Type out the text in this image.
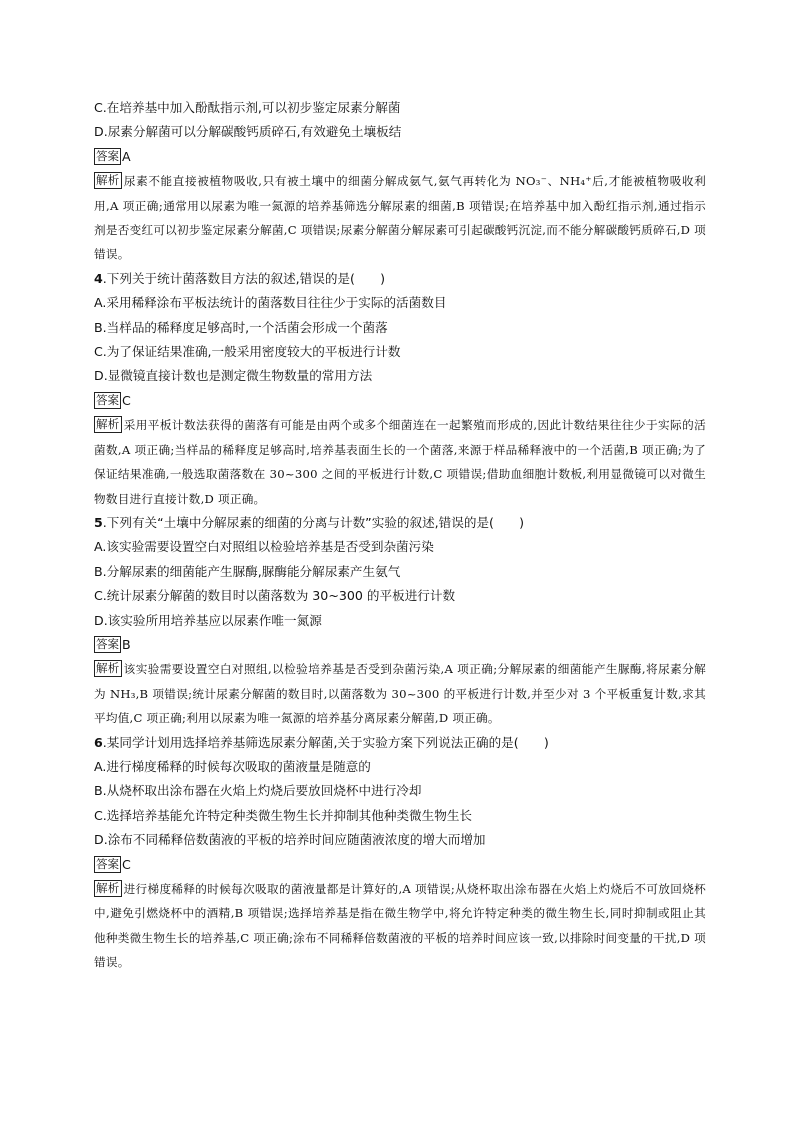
C.在培养基中加入酚酞指示剂,可以初步鉴定尿素分解菌

D.尿素分解菌可以分解碳酸钙质碎石,有效避免土壤板结

答案 A

解析 尿素不能直接被植物吸收,只有被土壤中的细菌分解成氨气,氨气再转化为 NO₃⁻、NH₄⁺后,才能被植物吸收利用,A 项正确;通常用以尿素为唯一氮源的培养基筛选分解尿素的细菌,B 项错误;在培养基中加入酚红指示剂,通过指示剂是否变红可以初步鉴定尿素分解菌,C 项错误;尿素分解菌分解尿素可引起碳酸钙沉淀,而不能分解碳酸钙质碎石,D 项错误。

4.下列关于统计菌落数目方法的叙述,错误的是(　　)

A.采用稀释涂布平板法统计的菌落数目往往少于实际的活菌数目

B.当样品的稀释度足够高时,一个活菌会形成一个菌落

C.为了保证结果准确,一般采用密度较大的平板进行计数

D.显微镜直接计数也是测定微生物数量的常用方法

答案 C

解析 采用平板计数法获得的菌落有可能是由两个或多个细菌连在一起繁殖而形成的,因此计数结果往往少于实际的活菌数,A 项正确;当样品的稀释度足够高时,培养基表面生长的一个菌落,来源于样品稀释液中的一个活菌,B 项正确;为了保证结果准确,一般选取菌落数在 30~300 之间的平板进行计数,C 项错误;借助血细胞计数板,利用显微镜可以对微生物数目进行直接计数,D 项正确。

5.下列有关“土壤中分解尿素的细菌的分离与计数”实验的叙述,错误的是(　　)

A.该实验需要设置空白对照组以检验培养基是否受到杂菌污染

B.分解尿素的细菌能产生脲酶,脲酶能分解尿素产生氨气

C.统计尿素分解菌的数目时以菌落数为 30~300 的平板进行计数

D.该实验所用培养基应以尿素作唯一氮源

答案 B

解析 该实验需要设置空白对照组,以检验培养基是否受到杂菌污染,A 项正确;分解尿素的细菌能产生脲酶,将尿素分解为 NH₃,B 项错误;统计尿素分解菌的数目时,以菌落数为 30~300 的平板进行计数,并至少对 3 个平板重复计数,求其平均值,C 项正确;利用以尿素为唯一氮源的培养基分离尿素分解菌,D 项正确。

6.某同学计划用选择培养基筛选尿素分解菌,关于实验方案下列说法正确的是(　　)

A.进行梯度稀释的时候每次吸取的菌液量是随意的

B.从烧杯取出涂布器在火焰上灼烧后要放回烧杯中进行冷却

C.选择培养基能允许特定种类微生物生长并抑制其他种类微生物生长

D.涂布不同稀释倍数菌液的平板的培养时间应随菌液浓度的增大而增加

答案 C

解析 进行梯度稀释的时候每次吸取的菌液量都是计算好的,A 项错误;从烧杯取出涂布器在火焰上灼烧后不可放回烧杯中,避免引燃烧杯中的酒精,B 项错误;选择培养基是指在微生物学中,将允许特定种类的微生物生长,同时抑制或阻止其他种类微生物生长的培养基,C 项正确;涂布不同稀释倍数菌液的平板的培养时间应该一致,以排除时间变量的干扰,D 项错误。
